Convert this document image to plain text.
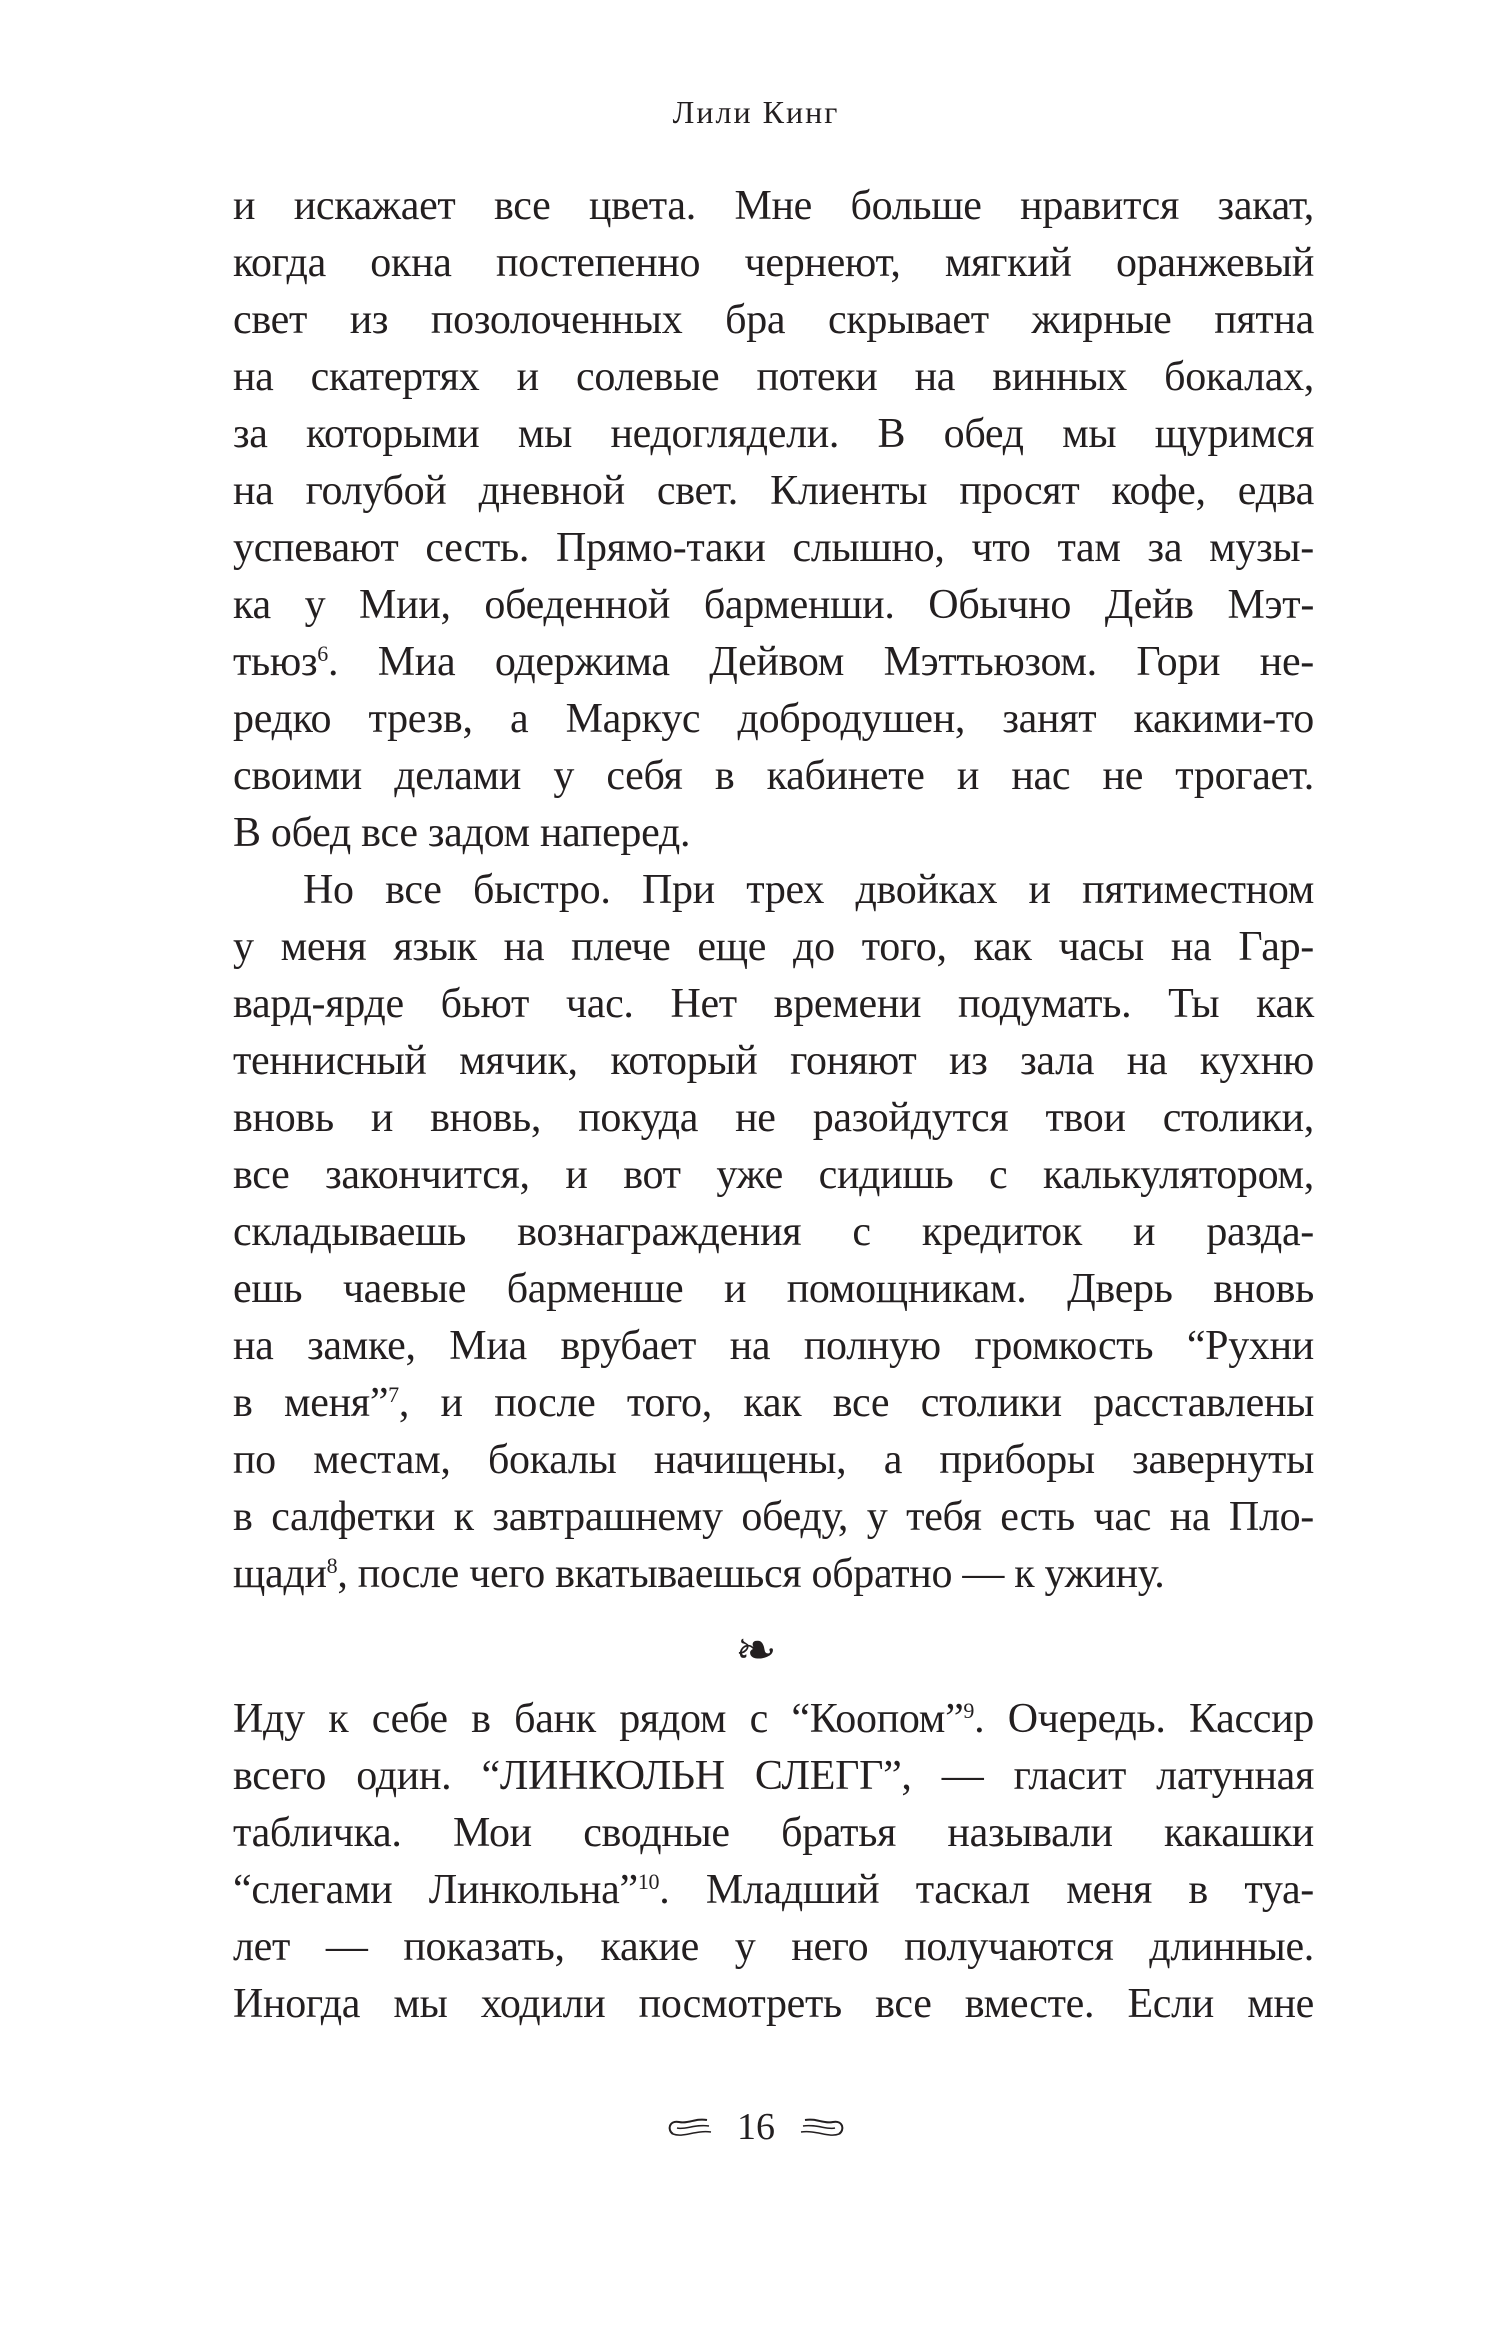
Лили Кинг
и искажает все цвета. Мне больше нравится закат,
когда окна постепенно чернеют, мягкий оранжевый
свет из позолоченных бра скрывает жирные пятна
на скатертях и солевые потеки на винных бокалах,
за которыми мы недоглядели. В обед мы щуримся
на голубой дневной свет. Клиенты просят кофе, едва
успевают сесть. Прямо-таки слышно, что там за музы-
ка у Мии, обеденной барменши. Обычно Дейв Мэт-
тьюз$^6$. Миа одержима Дейвом Мэттьюзом. Гори не-
редко трезв, а Маркус добродушен, занят какими-то
своими делами у себя в кабинете и нас не трогает.
В обед все задом наперед.
Но все быстро. При трех двойках и пятиместном
у меня язык на плече еще до того, как часы на Гар-
вард-ярде бьют час. Нет времени подумать. Ты как
теннисный мячик, который гоняют из зала на кухню
вновь и вновь, покуда не разойдутся твои столики,
все закончится, и вот уже сидишь с калькулятором,
складываешь вознаграждения с кредиток и разда-
ешь чаевые барменше и помощникам. Дверь вновь
на замке, Миа врубает на полную громкость “Рухни
в меня”$^7$, и после того, как все столики расставлены
по местам, бокалы начищены, а приборы завернуты
в салфетки к завтрашнему обеду, у тебя есть час на Пло-
щади$^8$, после чего вкатываешься обратно — к ужину.
❧
Иду к себе в банк рядом с “Коопом”$^9$. Очередь. Кассир
всего один. “ЛИНКОЛЬН СЛЕГГ”, — гласит латунная
табличка. Мои сводные братья называли какашки
“слегами Линкольна”$^{10}$. Младший таскал меня в туа-
лет — показать, какие у него получаются длинные.
Иногда мы ходили посмотреть все вместе. Если мне
16
